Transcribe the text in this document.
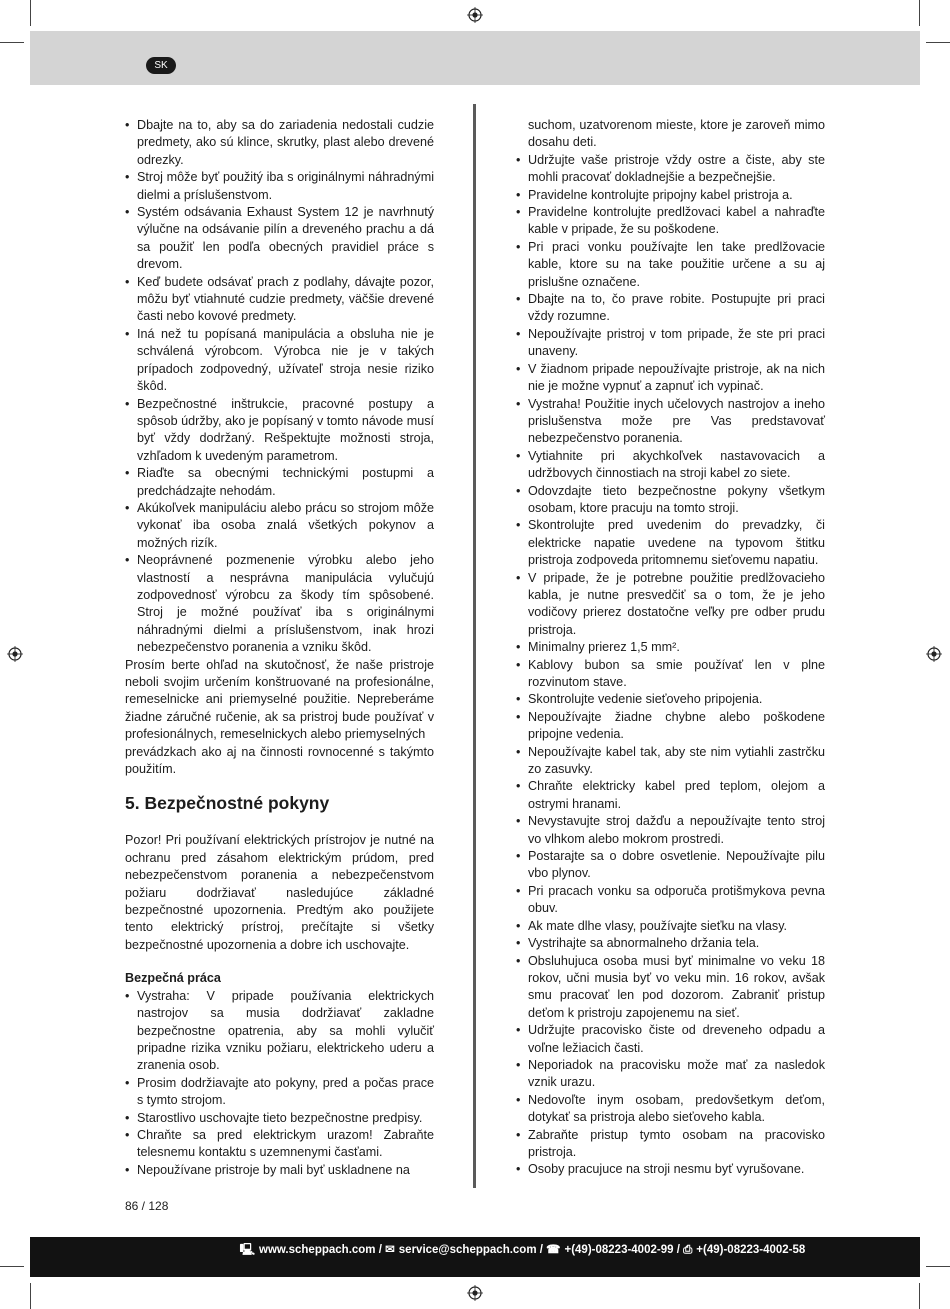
SK
• Dbajte na to, aby sa do zariadenia nedostali cudzie predmety, ako sú klince, skrutky, plast alebo drevené odrezky.
• Stroj môže byť použitý iba s originálnymi náhradnými dielmi a príslušenstvom.
• Systém odsávania Exhaust System 12 je navrhnutý výlučne na odsávanie pilín a dreveného prachu a dá sa použiť len podľa obecných pravidiel práce s drevom.
• Keď budete odsávať prach z podlahy, dávajte pozor, môžu byť vtiahnuté cudzie predmety, väčšie drevené časti nebo kovové predmety.
• Iná než tu popísaná manipulácia a obsluha nie je schválená výrobcom. Výrobca nie je v takých prípadoch zodpovedný, užívateľ stroja nesie riziko škôd.
• Bezpečnostné inštrukcie, pracovné postupy a spôsob údržby, ako je popísaný v tomto návode musí byť vždy dodržaný. Rešpektujte možnosti stroja, vzhľadom k uvedeným parametrom.
• Riaďte sa obecnými technickými postupmi a predchádzajte nehodám.
• Akúkoľvek manipuláciu alebo prácu so strojom môže vykonať iba osoba znalá všetkých pokynov a možných rizík.
• Neoprávnené pozmenenie výrobku alebo jeho vlastností a nesprávna manipulácia vylučujú zodpovednosť výrobcu za škody tím spôsobené. Stroj je možné používať iba s originálnymi náhradnými dielmi a príslušenstvom, inak hrozi nebezpečenstvo poranenia a vzniku škôd.

Prosím berte ohľad na skutočnosť, že naše pristroje neboli svojim určením konštruované na profesionálne, remeselnicke ani priemyselné použitie. Nepreberáme žiadne záručné ručenie, ak sa pristroj bude používať v profesionálnych, remeselnickych alebo priemyselných

prevádzkach ako aj na činnosti rovnocenné s takýmto použitím.

5. Bezpečnostné pokyny

Pozor! Pri používaní elektrických prístrojov je nutné na ochranu pred zásahom elektrickým prúdom, pred nebezpečenstvom poranenia a nebezpečenstvom požiaru dodržiavať nasledujúce základné bezpečnostné upozornenia. Predtým ako použijete tento elektrický prístroj, prečítajte si všetky bezpečnostné upozornenia a dobre ich uschovajte.

Bezpečná práca
• Vystraha: V pripade používania elektrickych nastrojov sa musia dodržiavať zakladne bezpečnostne opatrenia, aby sa mohli vylučiť pripadne rizika vzniku požiaru, elektrickeho uderu a zranenia osob.
• Prosim dodržiavajte ato pokyny, pred a počas prace s tymto strojom.
• Starostlivo uschovajte tieto bezpečnostne predpisy.
• Chraňte sa pred elektrickym urazom! Zabraňte telesnemu kontaktu s uzemnenymi časťami.
• Nepoužívane pristroje by mali byť uskladnene na
suchom, uzatvorenom mieste, ktore je zaroveň mimo dosahu deti.
• Udržujte vaše pristroje vždy ostre a čiste, aby ste mohli pracovať dokladnejšie a bezpečnejšie.
• Pravidelne kontrolujte pripojny kabel pristroja a.
• Pravidelne kontrolujte predlžovaci kabel a nahraďte kable v pripade, že su poškodene.
• Pri praci vonku používajte len take predlžovacie kable, ktore su na take použitie určene a su aj prislušne označene.
• Dbajte na to, čo prave robite. Postupujte pri praci vždy rozumne.
• Nepoužívajte pristroj v tom pripade, že ste pri praci unaveny.
• V žiadnom pripade nepoužívajte pristroje, ak na nich nie je možne vypnuť a zapnuť ich vypinač.
• Vystraha! Použitie inych učelovych nastrojov a ineho prislušenstva može pre Vas predstavovať nebezpečenstvo poranenia.
• Vytiahnite pri akychkoľvek nastavovacich a udržbovych činnostiach na stroji kabel zo siete.
• Odovzdajte tieto bezpečnostne pokyny všetkym osobam, ktore pracuju na tomto stroji.
• Skontrolujte pred uvedenim do prevadzky, či elektricke napatie uvedene na typovom štitku pristroja zodpoveda pritomnemu sieťovemu napatiu.
• V pripade, že je potrebne použitie predlžovacieho kabla, je nutne presvedčiť sa o tom, že je jeho vodičovy prierez dostatočne veľky pre odber prudu pristroja.
• Minimalny prierez 1,5 mm².
• Kablovy bubon sa smie používať len v plne rozvinutom stave.
• Skontrolujte vedenie sieťoveho pripojenia.
• Nepoužívajte žiadne chybne alebo poškodene pripojne vedenia.
• Nepoužívajte kabel tak, aby ste nim vytiahli zastrčku zo zasuvky.
• Chraňte elektricky kabel pred teplom, olejom a ostrymi hranami.
• Nevystavujte stroj dažďu a nepoužívajte tento stroj vo vlhkom alebo mokrom prostredi.
• Postarajte sa o dobre osvetlenie. Nepoužívajte pilu vbo plynov.
• Pri pracach vonku sa odporuča protišmykova pevna obuv.
• Ak mate dlhe vlasy, používajte sieťku na vlasy.
• Vystrihajte sa abnormalneho držania tela.
• Obsluhujuca osoba musi byť minimalne vo veku 18 rokov, učni musia byť vo veku min. 16 rokov, avšak smu pracovať len pod dozorom. Zabraniť pristup deťom k pristroju zapojenemu na sieť.
• Udržujte pracovisko čiste od dreveneho odpadu a voľne ležiacich časti.
• Neporiadok na pracovisku može mať za nasledok vznik urazu.
• Nedovoľte inym osobam, predovšetkym deťom, dotykať sa pristroja alebo sieťoveho kabla.
• Zabraňte pristup tymto osobam na pracovisko pristroja.
• Osoby pracujuce na stroji nesmu byť vyrušovane.
86 / 128
🖳︎ www.scheppach.com / ✉︎ service@scheppach.com / ☎︎ +(49)-08223-4002-99 / ⎙ +(49)-08223-4002-58
